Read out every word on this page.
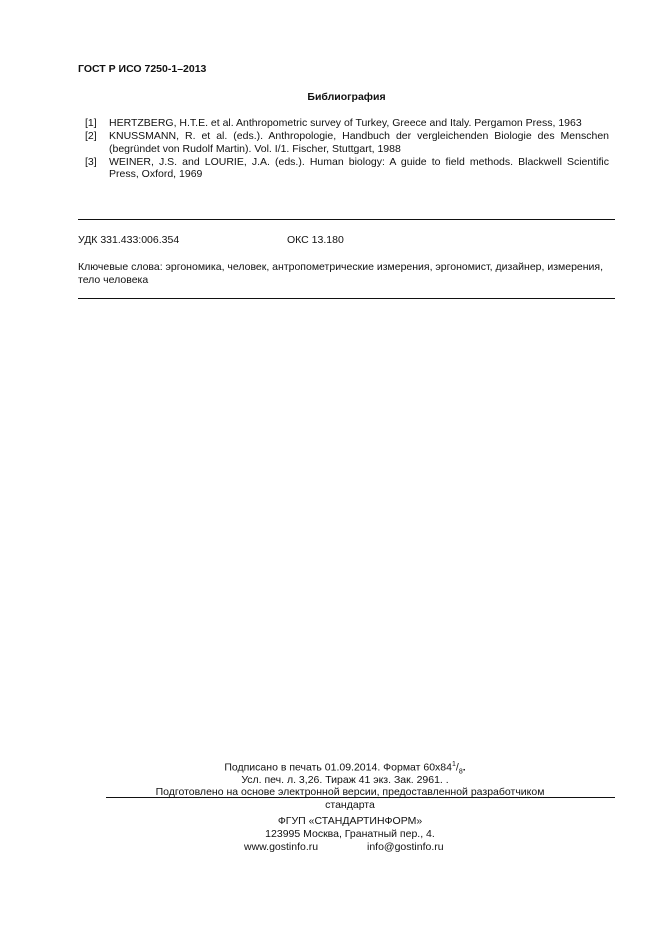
ГОСТ Р ИСО 7250-1–2013
Библиография
[1]	HERTZBERG, H.T.E. et al. Anthropometric survey of Turkey, Greece and Italy. Pergamon Press, 1963
[2]	KNUSSMANN, R. et al. (eds.). Anthropologie, Handbuch der vergleichenden Biologie des Menschen (begründet von Rudolf Martin). Vol. I/1. Fischer, Stuttgart, 1988
[3]	WEINER, J.S. and LOURIE, J.A. (eds.). Human biology: A guide to field methods. Blackwell Scientific Press, Oxford, 1969
УДК 331.433:006.354	ОКС 13.180
Ключевые слова: эргономика, человек, антропометрические измерения, эргономист, дизайнер, измерения, тело человека
Подписано в печать 01.09.2014. Формат $60х84^1/_8$.
Усл. печ. л. 3,26. Тираж 41 экз. Зак. 2961. .
Подготовлено на основе электронной версии, предоставленной разработчиком
стандарта
ФГУП «СТАНДАРТИНФОРМ»
123995 Москва, Гранатный пер., 4.
www.gostinfo.ru	info@gostinfo.ru
